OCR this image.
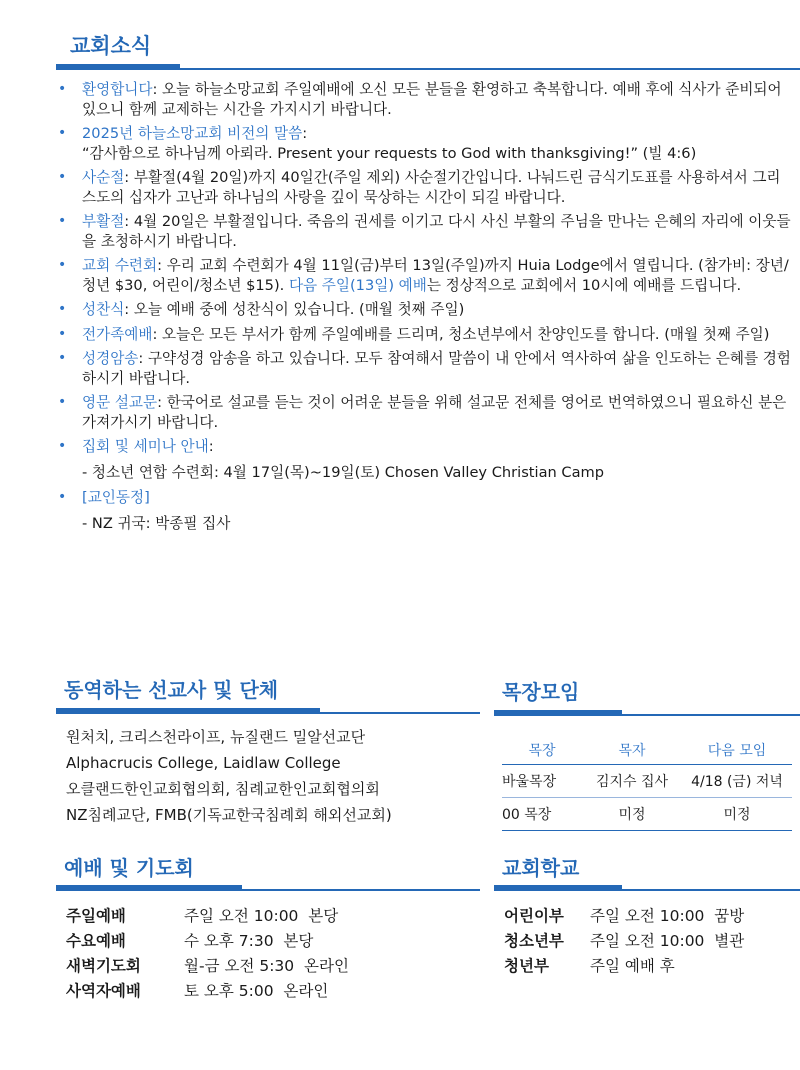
교회소식
• 환영합니다: 오늘 하늘소망교회 주일예배에 오신 모든 분들을 환영하고 축복합니다. 예배 후에 식사가 준비되어 있으니 함께 교제하는 시간을 가지시기 바랍니다.
• 2025년 하늘소망교회 비전의 말씀:
“감사함으로 하나님께 아뢰라. Present your requests to God with thanksgiving!” (빌 4:6)
• 사순절: 부활절(4월 20일)까지 40일간(주일 제외) 사순절기간입니다. 나눠드린 금식기도표를 사용하셔서 그리스도의 십자가 고난과 하나님의 사랑을 깊이 묵상하는 시간이 되길 바랍니다.
• 부활절: 4월 20일은 부활절입니다. 죽음의 권세를 이기고 다시 사신 부활의 주님을 만나는 은혜의 자리에 이웃들을 초청하시기 바랍니다.
• 교회 수련회: 우리 교회 수련회가 4월 11일(금)부터 13일(주일)까지 Huia Lodge에서 열립니다. (참가비: 장년/청년 $30, 어린이/청소년 $15). 다음 주일(13일) 예배는 정상적으로 교회에서 10시에 예배를 드립니다.
• 성찬식: 오늘 예배 중에 성찬식이 있습니다. (매월 첫째 주일)
• 전가족예배: 오늘은 모든 부서가 함께 주일예배를 드리며, 청소년부에서 찬양인도를 합니다. (매월 첫째 주일)
• 성경암송: 구약성경 암송을 하고 있습니다. 모두 참여해서 말씀이 내 안에서 역사하여 삶을 인도하는 은혜를 경험하시기 바랍니다.
• 영문 설교문: 한국어로 설교를 듣는 것이 어려운 분들을 위해 설교문 전체를 영어로 번역하였으니 필요하신 분은 가져가시기 바랍니다.
• 집회 및 세미나 안내:
- 청소년 연합 수련회: 4월 17일(목)~19일(토) Chosen Valley Christian Camp
• [교인동정]
- NZ 귀국: 박종필 집사
동역하는 선교사 및 단체
원처치, 크리스천라이프, 뉴질랜드 밀알선교단
Alphacrucis College, Laidlaw College
오클랜드한인교회협의회, 침례교한인교회협의회
NZ침례교단, FMB(기독교한국침례회 해외선교회)
목장모임
목장	목자	다음 모임
바울목장	김지수 집사	4/18 (금) 저녁
00 목장	미정	미정
예배 및 기도회
주일예배	주일 오전 10:00  본당
수요예배	수 오후 7:30  본당
새벽기도회	월-금 오전 5:30  온라인
사역자예배	토 오후 5:00  온라인
교회학교
어린이부	주일 오전 10:00  꿈방
청소년부	주일 오전 10:00  별관
청년부	주일 예배 후
